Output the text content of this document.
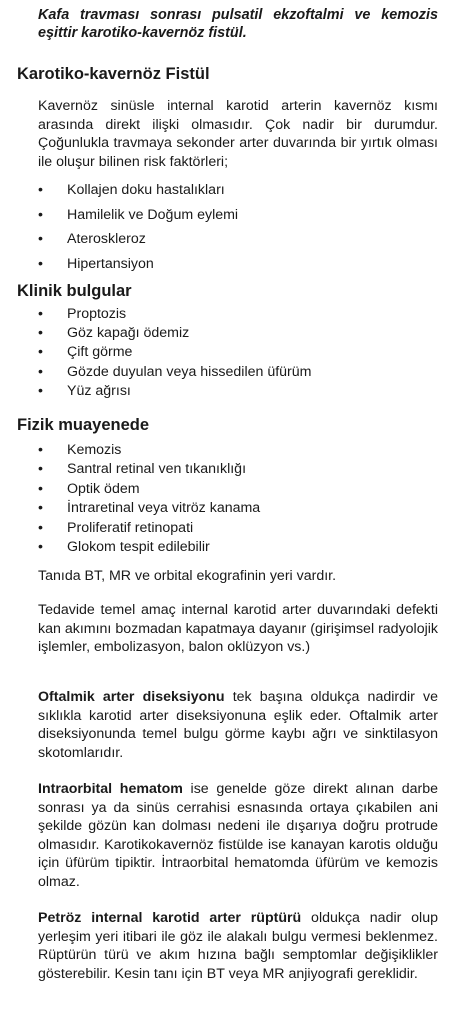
Kafa travması sonrası pulsatil ekzoftalmi ve kemozis eşittir karotiko-kavernöz fistül.

Karotiko-kavernöz Fistül

Kavernöz sinüsle internal karotid arterin kavernöz kısmı arasında direkt ilişki olmasıdır. Çok nadir bir durumdur. Çoğunlukla travmaya sekonder arter duvarında bir yırtık olması ile oluşur bilinen risk faktörleri;

• Kollajen doku hastalıkları
• Hamilelik ve Doğum eylemi
• Ateroskleroz
• Hipertansiyon
Klinik bulgular
• Proptozis
• Göz kapağı ödemiz
• Çift görme
• Gözde duyulan veya hissedilen üfürüm
• Yüz ağrısı
Fizik muayenede
• Kemozis
• Santral retinal ven tıkanıklığı
• Optik ödem
• İntraretinal veya vitröz kanama
• Proliferatif retinopati
• Glokom tespit edilebilir

Tanıda BT, MR ve orbital ekografinin yeri vardır.

Tedavide temel amaç internal karotid arter duvarındaki defekti kan akımını bozmadan kapatmaya dayanır (girişimsel radyolojik işlemler, embolizasyon, balon oklüzyon vs.)

Oftalmik arter diseksiyonu tek başına oldukça nadirdir ve sıklıkla karotid arter diseksiyonuna eşlik eder. Oftalmik arter diseksiyonunda temel bulgu görme kaybı ağrı ve sinktilasyon skotomlarıdır.

Intraorbital hematom ise genelde göze direkt alınan darbe sonrası ya da sinüs cerrahisi esnasında ortaya çıkabilen ani şekilde gözün kan dolması nedeni ile dışarıya doğru protrude olmasıdır. Karotikokavernöz fistülde ise kanayan karotis olduğu için üfürüm tipiktir. İntraorbital hematomda üfürüm ve kemozis olmaz.

Petröz internal karotid arter rüptürü oldukça nadir olup yerleşim yeri itibari ile göz ile alakalı bulgu vermesi beklenmez. Rüptürün türü ve akım hızına bağlı semptomlar değişiklikler gösterebilir. Kesin tanı için BT veya MR anjiyografi gereklidir.
